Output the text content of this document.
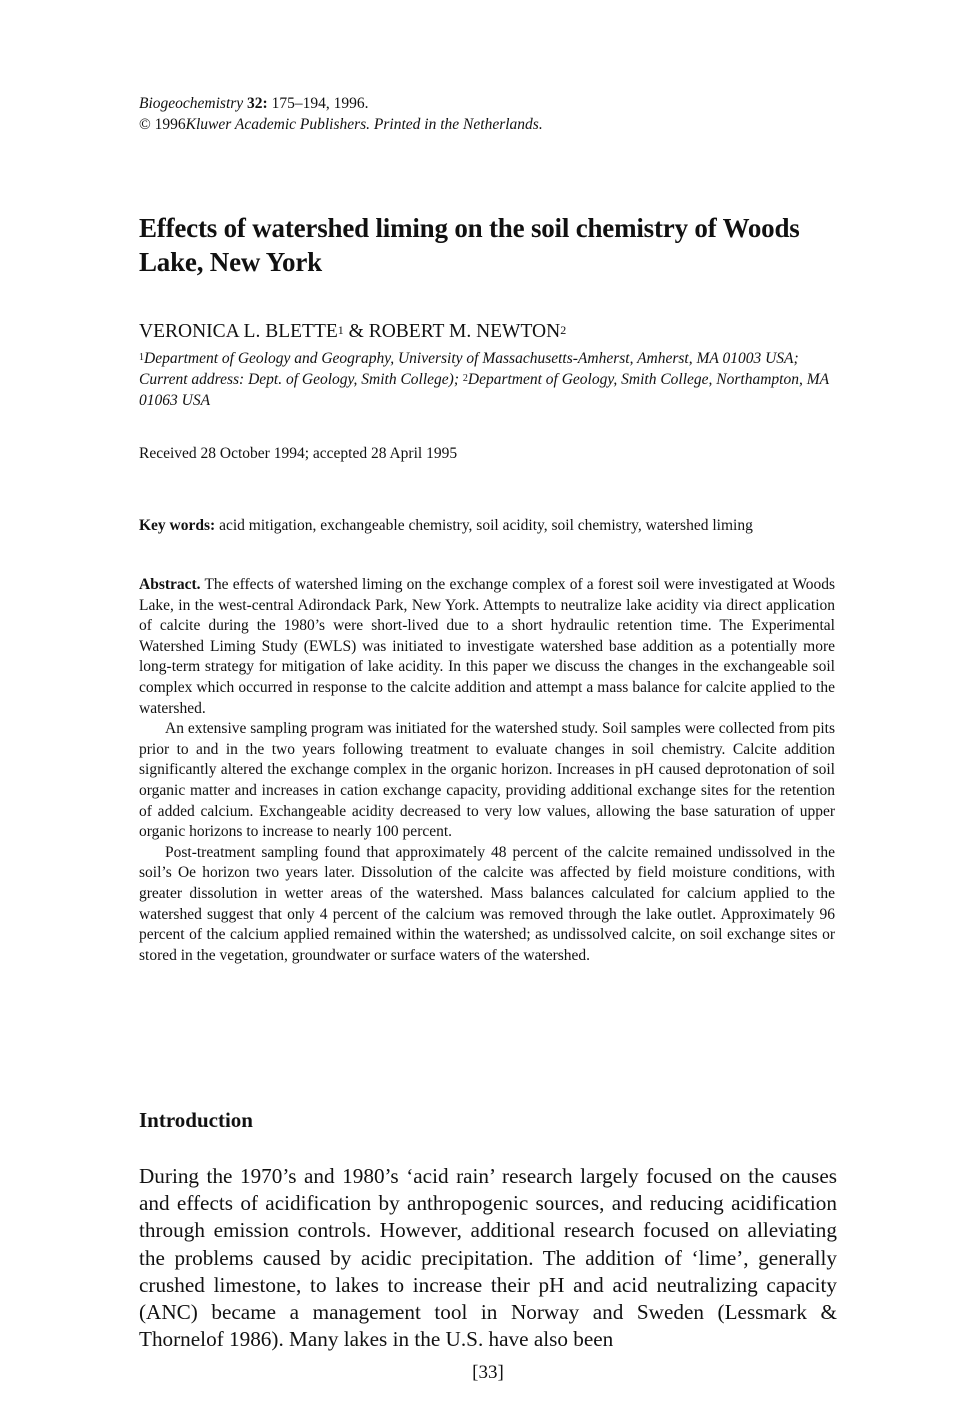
Biogeochemistry 32: 175–194, 1996.
© 1996Kluwer Academic Publishers. Printed in the Netherlands.
Effects of watershed liming on the soil chemistry of Woods Lake, New York
VERONICA L. BLETTE$^1$ & ROBERT M. NEWTON$^2$
$^1$Department of Geology and Geography, University of Massachusetts-Amherst, Amherst, MA 01003 USA; Current address: Dept. of Geology, Smith College); $^2$Department of Geology, Smith College, Northampton, MA 01063 USA
Received 28 October 1994; accepted 28 April 1995
Key words: acid mitigation, exchangeable chemistry, soil acidity, soil chemistry, watershed liming

Abstract. The effects of watershed liming on the exchange complex of a forest soil were investigated at Woods Lake, in the west-central Adirondack Park, New York. Attempts to neutralize lake acidity via direct application of calcite during the 1980’s were short-lived due to a short hydraulic retention time. The Experimental Watershed Liming Study (EWLS) was initiated to investigate watershed base addition as a potentially more long-term strategy for mitigation of lake acidity. In this paper we discuss the changes in the exchangeable soil complex which occurred in response to the calcite addition and attempt a mass balance for calcite applied to the watershed.

An extensive sampling program was initiated for the watershed study. Soil samples were collected from pits prior to and in the two years following treatment to evaluate changes in soil chemistry. Calcite addition significantly altered the exchange complex in the organic horizon. Increases in pH caused deprotonation of soil organic matter and increases in cation exchange capacity, providing additional exchange sites for the retention of added calcium. Exchangeable acidity decreased to very low values, allowing the base saturation of upper organic horizons to increase to nearly 100 percent.

Post-treatment sampling found that approximately 48 percent of the calcite remained undissolved in the soil’s Oe horizon two years later. Dissolution of the calcite was affected by field moisture conditions, with greater dissolution in wetter areas of the watershed. Mass balances calculated for calcium applied to the watershed suggest that only 4 percent of the calcium was removed through the lake outlet. Approximately 96 percent of the calcium applied remained within the watershed; as undissolved calcite, on soil exchange sites or stored in the vegetation, groundwater or surface waters of the watershed.

Introduction
During the 1970’s and 1980’s ‘acid rain’ research largely focused on the causes and effects of acidification by anthropogenic sources, and reducing acidification through emission controls. However, additional research focused on alleviating the problems caused by acidic precipitation. The addition of ‘lime’, generally crushed limestone, to lakes to increase their pH and acid neutralizing capacity (ANC) became a management tool in Norway and Sweden (Lessmark & Thornelof 1986). Many lakes in the U.S. have also been
[33]
